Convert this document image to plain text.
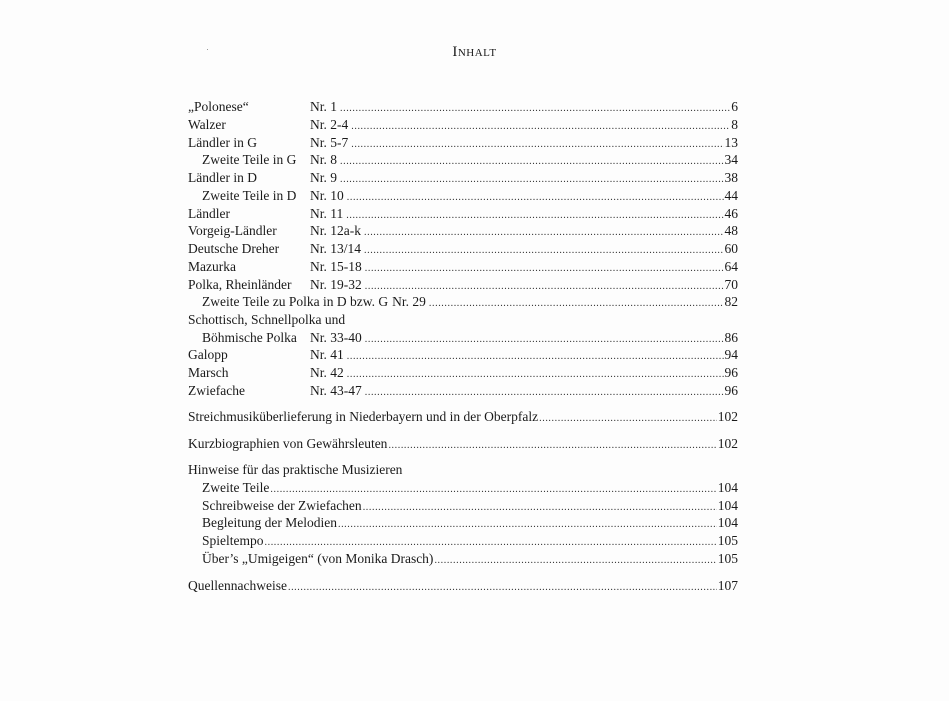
Inhalt
„Polonese“	Nr. 1 .....	6
Walzer	Nr. 2-4 .....	8
Ländler in G	Nr. 5-7 .....	13
Zweite Teile in G	Nr. 8 .....	34
Ländler in D	Nr. 9 .....	38
Zweite Teile in D	Nr. 10 .....	44
Ländler	Nr. 11 .....	46
Vorgeig-Ländler	Nr. 12a-k .....	48
Deutsche Dreher	Nr. 13/14 .....	60
Mazurka	Nr. 15-18 .....	64
Polka, Rheinländer	Nr. 19-32 .....	70
Zweite Teile zu Polka in D bzw. G Nr. 29 .....	82
Schottisch, Schnellpolka und
Böhmische Polka Nr. 33-40 .....	86
Galopp	Nr. 41 .....	94
Marsch	Nr. 42 .....	96
Zwiefache	Nr. 43-47 .....	96
Streichmusiküberlieferung in Niederbayern und in der Oberpfalz .....	102
Kurzbiographien von Gewährsleuten .....	102
Hinweise für das praktische Musizieren
Zweite Teile .....	104
Schreibweise der Zwiefachen .....	104
Begleitung der Melodien .....	104
Spieltempo .....	105
Über’s „Umigeigen“ (von Monika Drasch) .....	105
Quellennachweise .....	107
